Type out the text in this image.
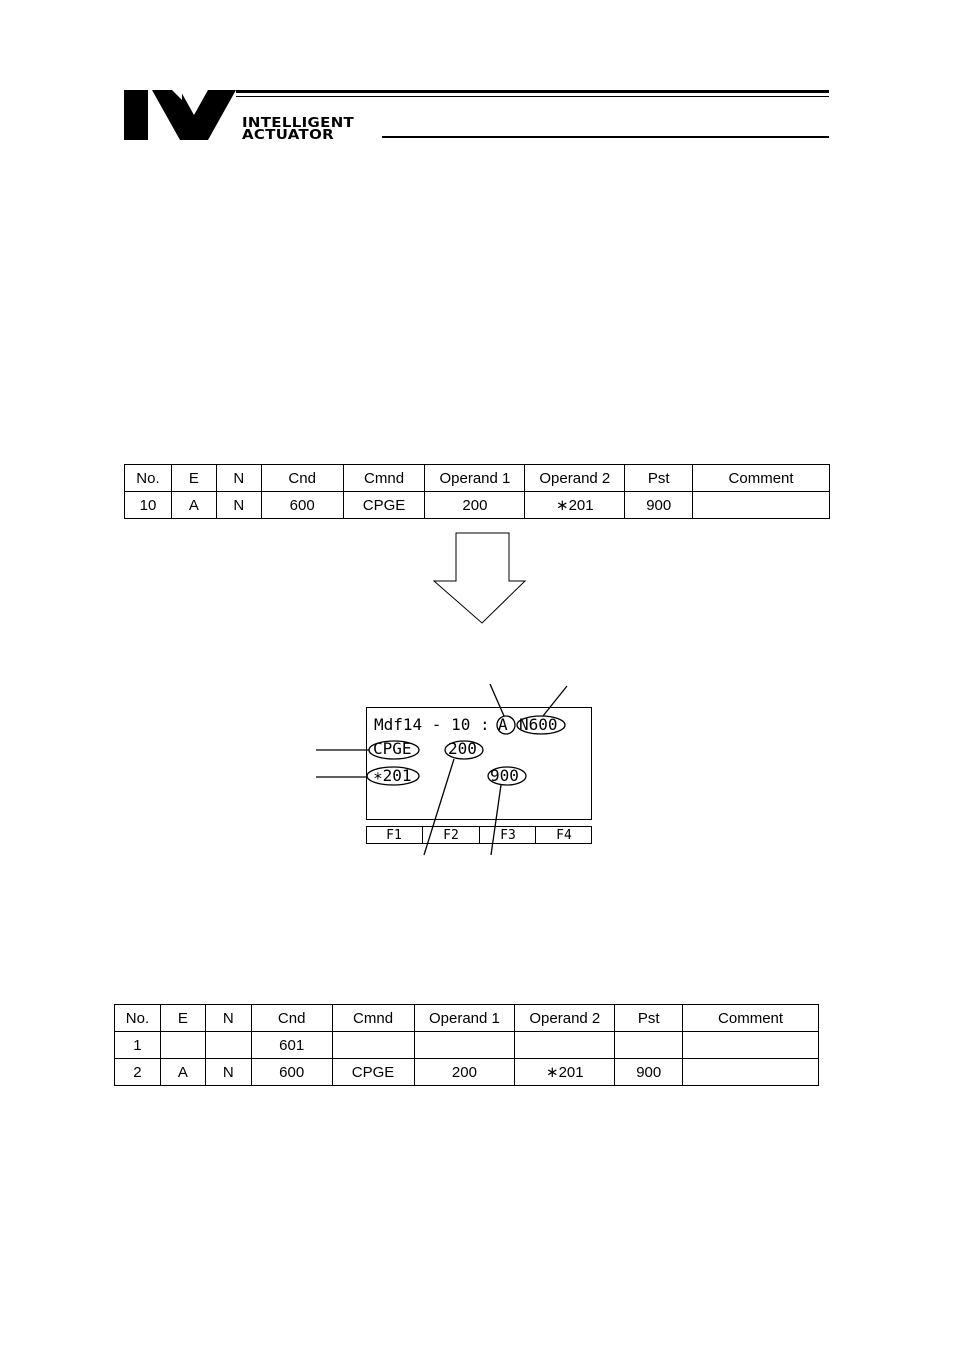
INTELLIGENT
ACTUATOR
No.	E	N	Cnd	Cmnd	Operand 1	Operand 2	Pst	Comment
10	A	N	600	CPGE	200	∗201	900	
F1	F2	F3	F4
Mdf14 - 10 : A N600
CPGE 200
∗201	900
No.	E	N	Cnd	Cmnd	Operand 1	Operand 2	Pst	Comment
1			601					
2	A	N	600	CPGE	200	∗201	900	
